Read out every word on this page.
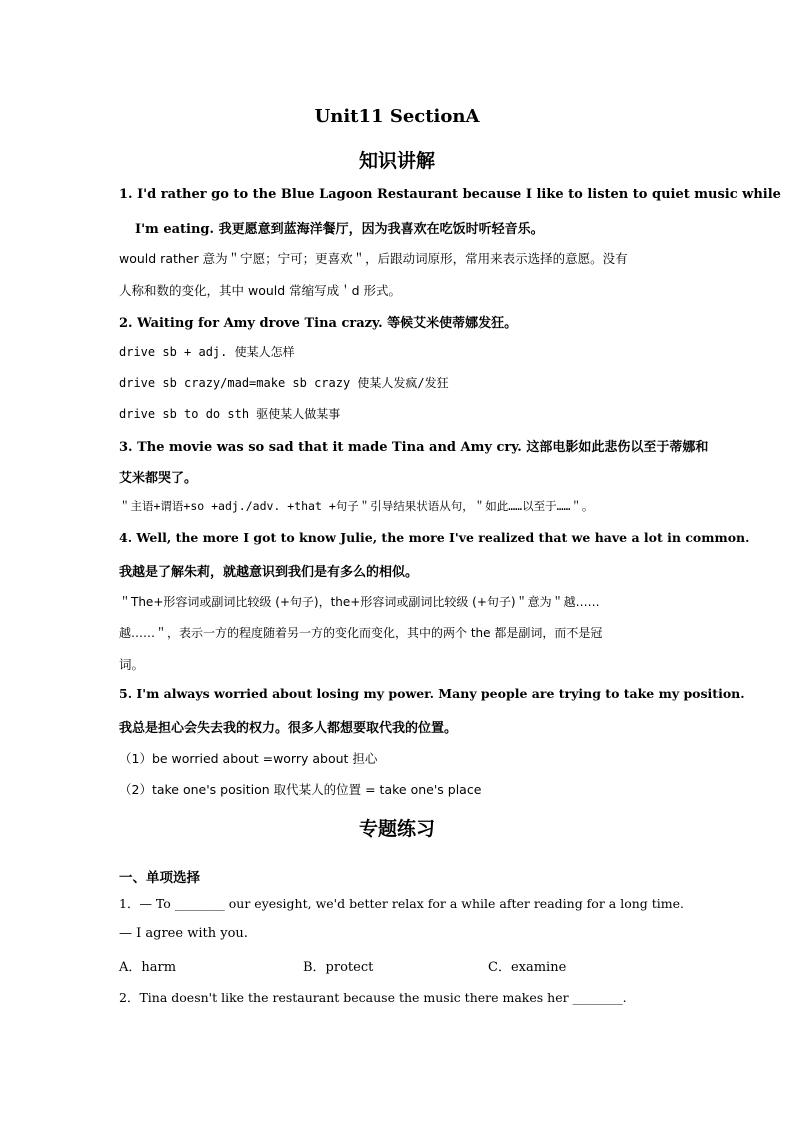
Unit11 SectionA
知识讲解
1. I'd rather go to the Blue Lagoon Restaurant because I like to listen to quiet music while
I'm eating. 我更愿意到蓝海洋餐厅，因为我喜欢在吃饭时听轻音乐。
would rather 意为＂宁愿；宁可；更喜欢＂，后跟动词原形，常用来表示选择的意愿。没有
人称和数的变化，其中 would 常缩写成＇d 形式。
2. Waiting for Amy drove Tina crazy. 等候艾米使蒂娜发狂。
drive sb + adj. 使某人怎样
drive sb crazy/mad=make sb crazy 使某人发疯/发狂
drive sb to do sth 驱使某人做某事
3. The movie was so sad that it made Tina and Amy cry. 这部电影如此悲伤以至于蒂娜和
艾米都哭了。
＂主语+谓语+so +adj./adv. +that +句子＂引导结果状语从句，＂如此……以至于……＂。
4. Well, the more I got to know Julie, the more I've realized that we have a lot in common.
我越是了解朱莉，就越意识到我们是有多么的相似。
＂The+形容词或副词比较级 (+句子)，the+形容词或副词比较级 (+句子)＂意为＂越……
越……＂，表示一方的程度随着另一方的变化而变化，其中的两个 the 都是副词，而不是冠
词。
5. I'm always worried about losing my power. Many people are trying to take my position.
我总是担心会失去我的权力。很多人都想要取代我的位置。
（1）be worried about =worry about 担心
（2）take one's position 取代某人的位置 = take one's place
专题练习
一、单项选择
1．— To ________ our eyesight, we'd better relax for a while after reading for a long time.
— I agree with you.
A．harm	B．protect	C．examine
2．Tina doesn't like the restaurant because the music there makes her ________.
